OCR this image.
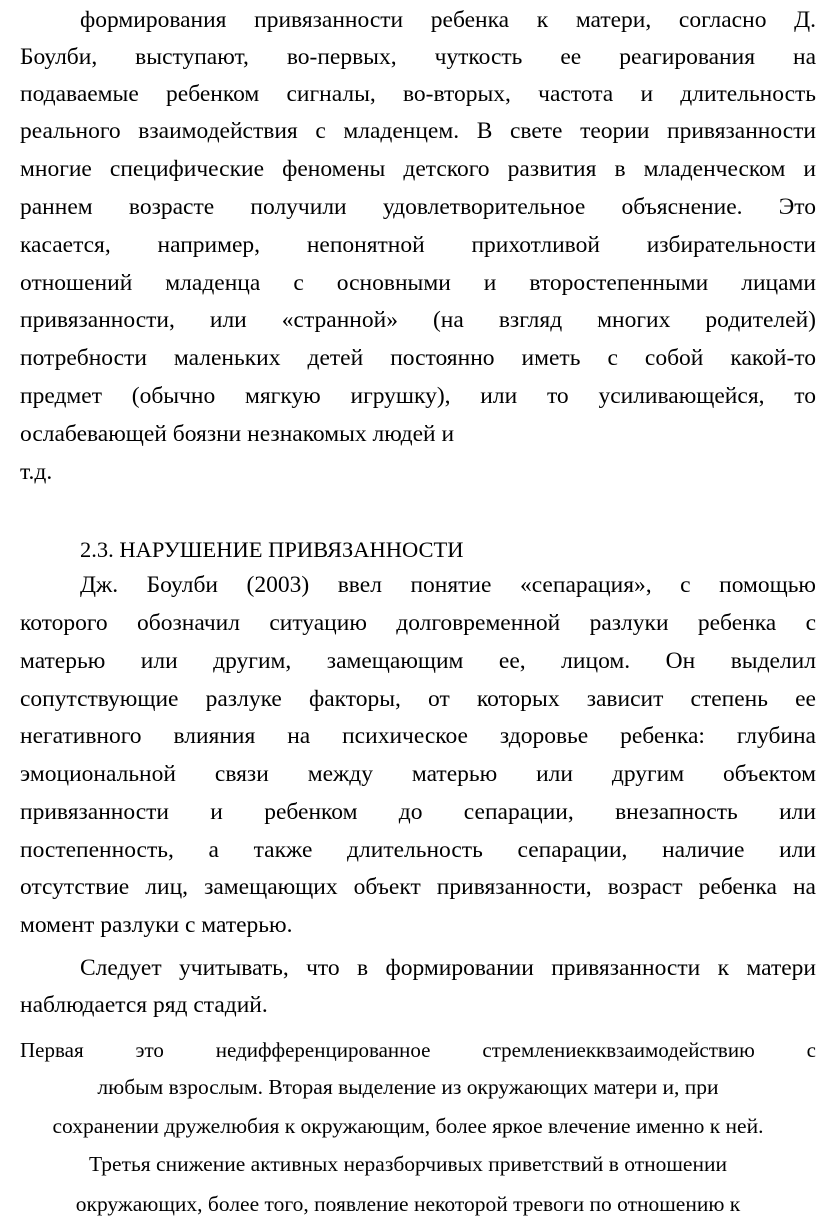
формирования привязанности ребенка к матери, согласно Д.
Боулби, выступают, во-первых, чуткость ее реагирования на
подаваемые ребенком сигналы, во-вторых, частота и длительность
реального взаимодействия с младенцем. В свете теории привязанности
многие специфические феномены детского развития в младенческом и
раннем возрасте получили удовлетворительное объяснение. Это
касается, например, непонятной прихотливой избирательности
отношений младенца с основными и второстепенными лицами
привязанности, или «странной» (на взгляд многих родителей)
потребности маленьких детей постоянно иметь с собой какой-то
предмет (обычно мягкую игрушку), или то усиливающейся, то
ослабевающей боязни незнакомых людей и
т.д.
2.3. НАРУШЕНИЕ ПРИВЯЗАННОСТИ
Дж. Боулби (2003) ввел понятие «сепарация», с помощью
которого обозначил ситуацию долговременной разлуки ребенка с
матерью или другим, замещающим ее, лицом. Он выделил
сопутствующие разлуке факторы, от которых зависит степень ее
негативного влияния на психическое здоровье ребенка: глубина
эмоциональной связи между матерью или другим объектом
привязанности и ребенком до сепарации, внезапность или
постепенность, а также длительность сепарации, наличие или
отсутствие лиц, замещающих объект привязанности, возраст ребенка на
момент разлуки с матерью.
Следует учитывать, что в формировании привязанности к матери
наблюдается ряд стадий.
Первая это недифференцированное стремлениекквзаимодействию с
любым взрослым. Вторая выделение из окружающих матери и, при
сохранении дружелюбия к окружающим, более яркое влечение именно к ней.
Третья снижение активных неразборчивых приветствий в отношении
окружающих, более того, появление некоторой тревоги по отношению к
